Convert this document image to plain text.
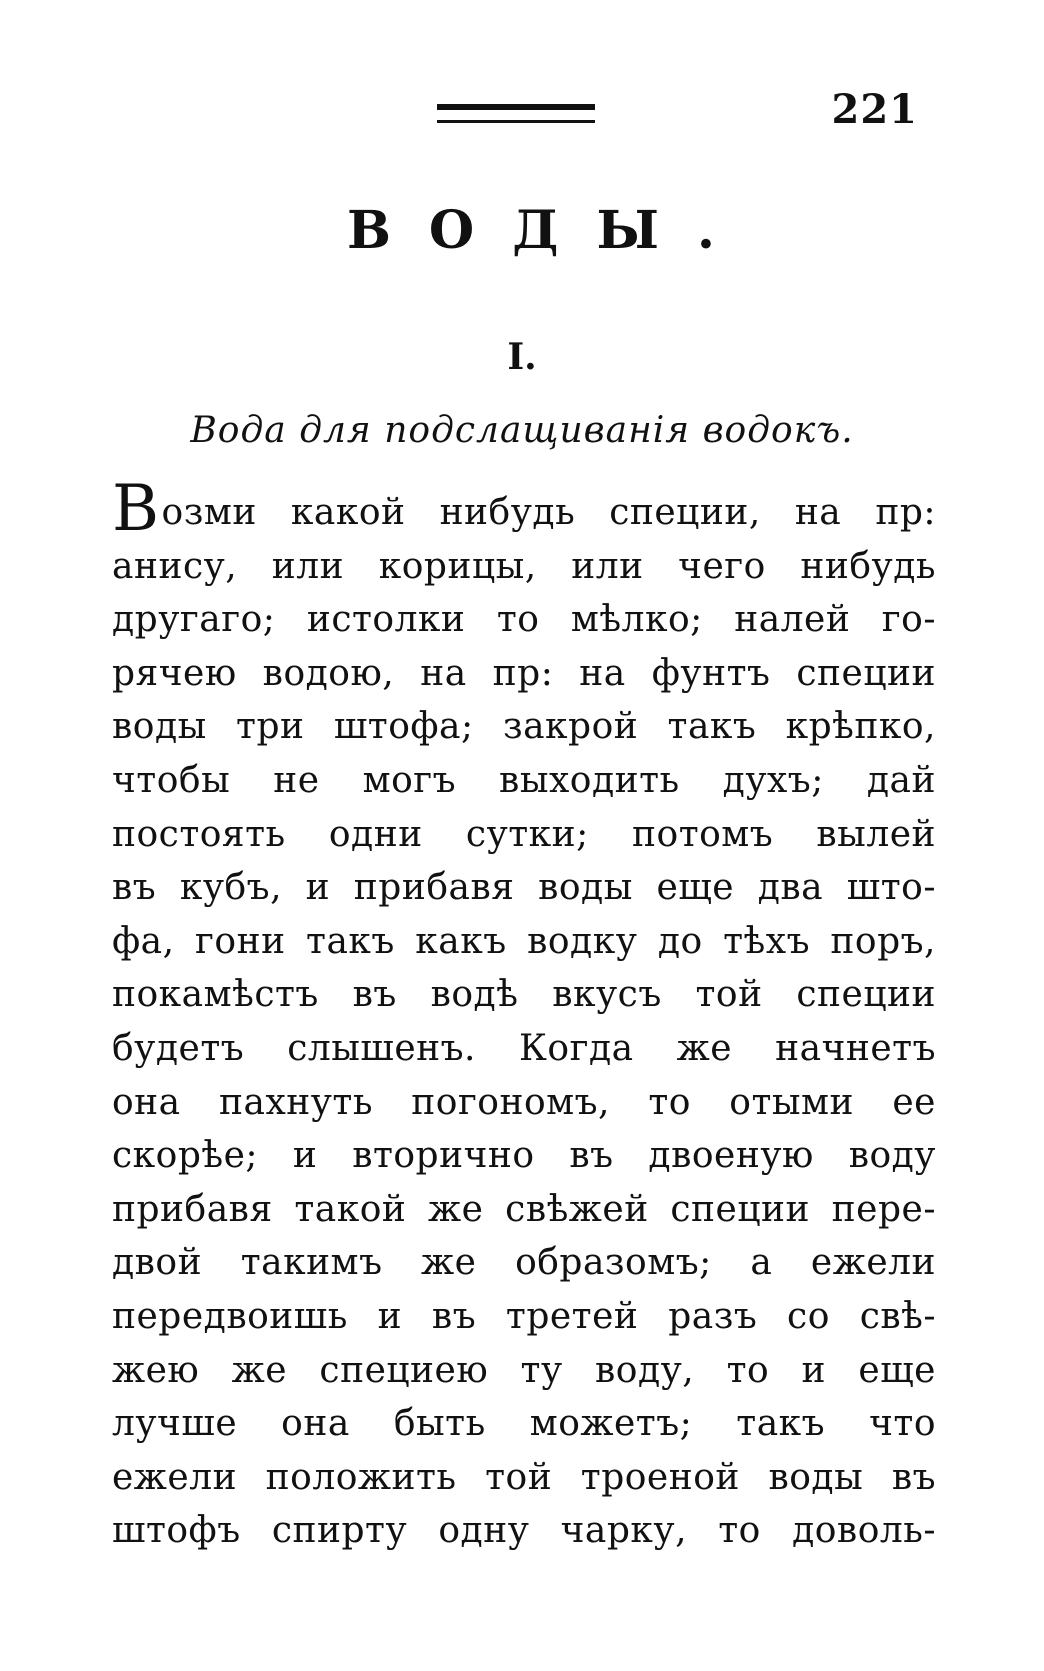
221
ВОДЫ.
I.
Вода для подслащиванія водокъ.
Возми какой нибудь специи, на пр:
анису, или корицы, или чего нибудь
другаго; истолки то мѣлко; налей го-
рячею водою, на пр: на фунтъ специи
воды три штофа; закрой такъ крѣпко,
чтобы не могъ выходить духъ; дай
постоять одни сутки; потомъ вылей
въ кубъ, и прибавя воды еще два што-
фа, гони такъ какъ водку до тѣхъ поръ,
покамѣстъ въ водѣ вкусъ той специи
будетъ слышенъ. Когда же начнетъ
она пахнуть погономъ, то отыми ее
скорѣе; и вторично въ двоеную воду
прибавя такой же свѣжей специи пере-
двой такимъ же образомъ; а ежели
передвоишь и въ третей разъ со свѣ-
жею же специею ту воду, то и еще
лучше она быть можетъ; такъ что
ежели положить той троеной воды въ
штофъ спирту одну чарку, то доволь-
